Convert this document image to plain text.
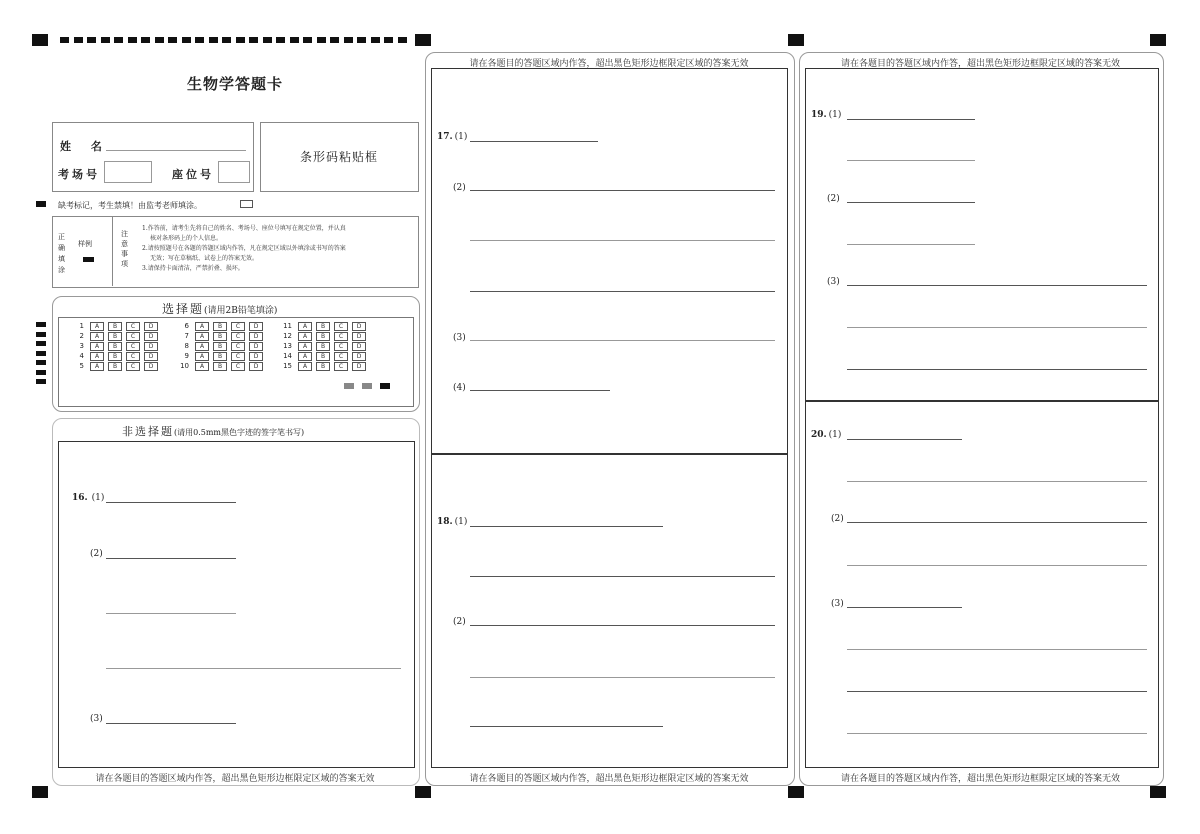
生物学答题卡
姓 名
考场号	座位号
条形码粘贴框
缺考标记，考生禁填！由监考老师填涂。
正确填涂
样例
注意事项
1.作答前，请考生先将自己的姓名、考场号、座位号填写在规定位置，并认真
核对条形码上的个人信息。
2.请按照题号在各题的答题区域内作答，凡在规定区域以外填涂或书写的答案
无效；写在草稿纸、试卷上的答案无效。
3.请保持卡面清洁，严禁折叠、损坏。
选择题(请用2B铅笔填涂)
1	A	B	C	D
2	A	B	C	D
3	A	B	C	D
4	A	B	C	D
5	A	B	C	D
6	A	B	C	D
7	A	B	C	D
8	A	B	C	D
9	A	B	C	D
10	A	B	C	D
11	A	B	C	D
12	A	B	C	D
13	A	B	C	D
14	A	B	C	D
15	A	B	C	D
非选择题(请用0.5mm黑色字迹的签字笔书写)
16. (1)
(2)
(3)
请在各题目的答题区域内作答，超出黑色矩形边框限定区域的答案无效
请在各题目的答题区域内作答，超出黑色矩形边框限定区域的答案无效
17. (1)
(2)
(3)
(4)
18. (1)
(2)
请在各题目的答题区域内作答，超出黑色矩形边框限定区域的答案无效
请在各题目的答题区域内作答，超出黑色矩形边框限定区域的答案无效
19. (1)
(2)
(3)
20. (1)
(2)
(3)
请在各题目的答题区域内作答，超出黑色矩形边框限定区域的答案无效
